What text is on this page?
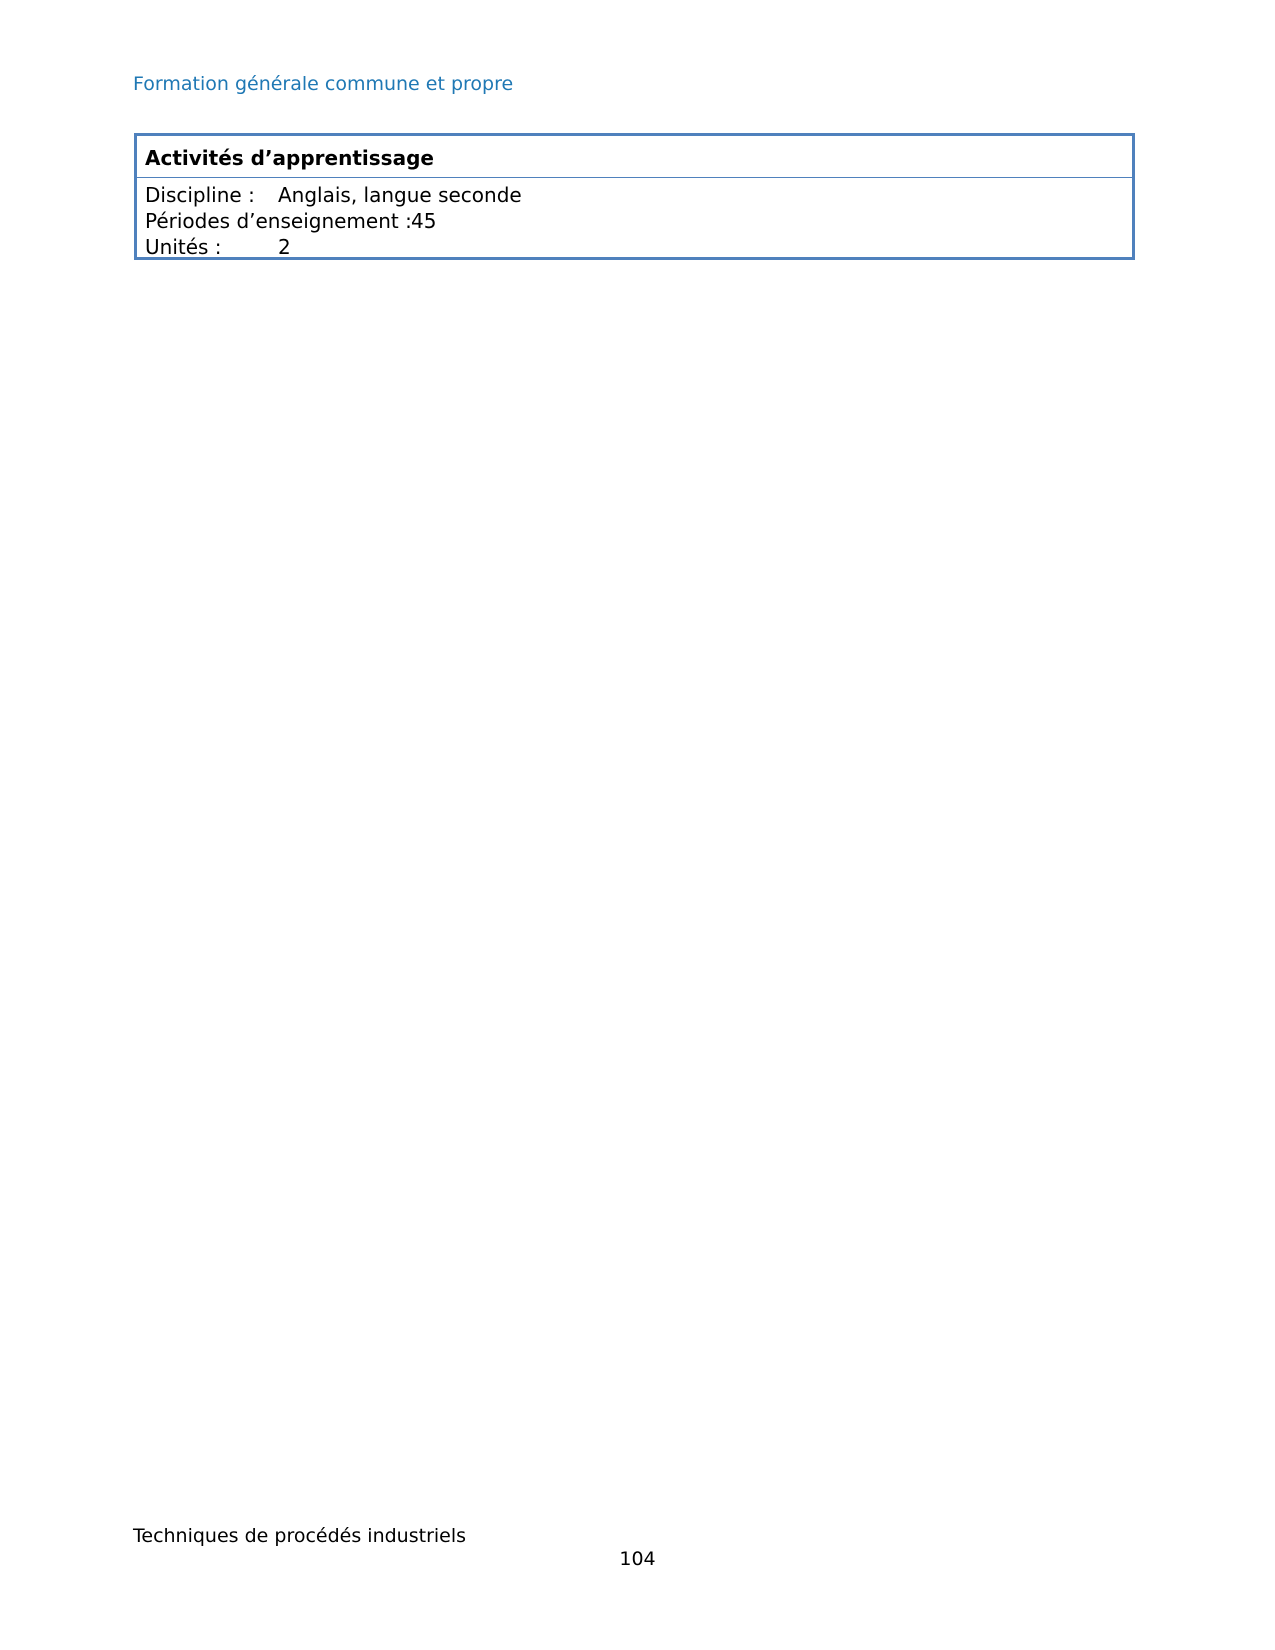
Formation générale commune et propre
Activités d’apprentissage
Discipline : Anglais, langue seconde
Périodes d’enseignement : 45
Unités :	2
Techniques de procédés industriels
104
